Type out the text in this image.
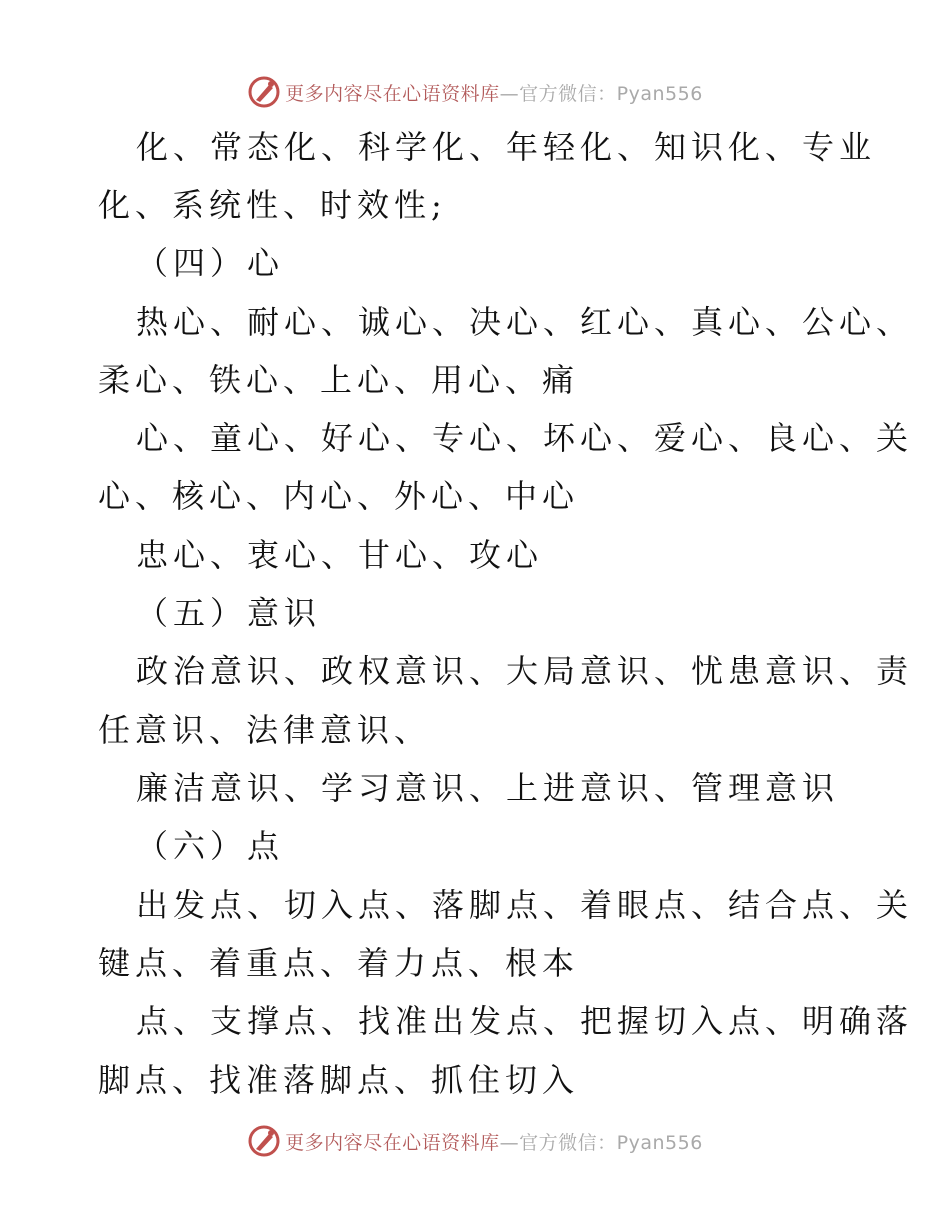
更多内容尽在心语资料库—官方微信：Pyan556
化、常态化、科学化、年轻化、知识化、专业
化、系统性、时效性;
（四）心
热心、耐心、诚心、决心、红心、真心、公心、
柔心、铁心、上心、用心、痛
心、童心、好心、专心、坏心、爱心、良心、关
心、核心、内心、外心、中心
忠心、衷心、甘心、攻心
（五）意识
政治意识、政权意识、大局意识、忧患意识、责
任意识、法律意识、
廉洁意识、学习意识、上进意识、管理意识
（六）点
出发点、切入点、落脚点、着眼点、结合点、关
键点、着重点、着力点、根本
点、支撑点、找准出发点、把握切入点、明确落
脚点、找准落脚点、抓住切入
更多内容尽在心语资料库—官方微信：Pyan556
